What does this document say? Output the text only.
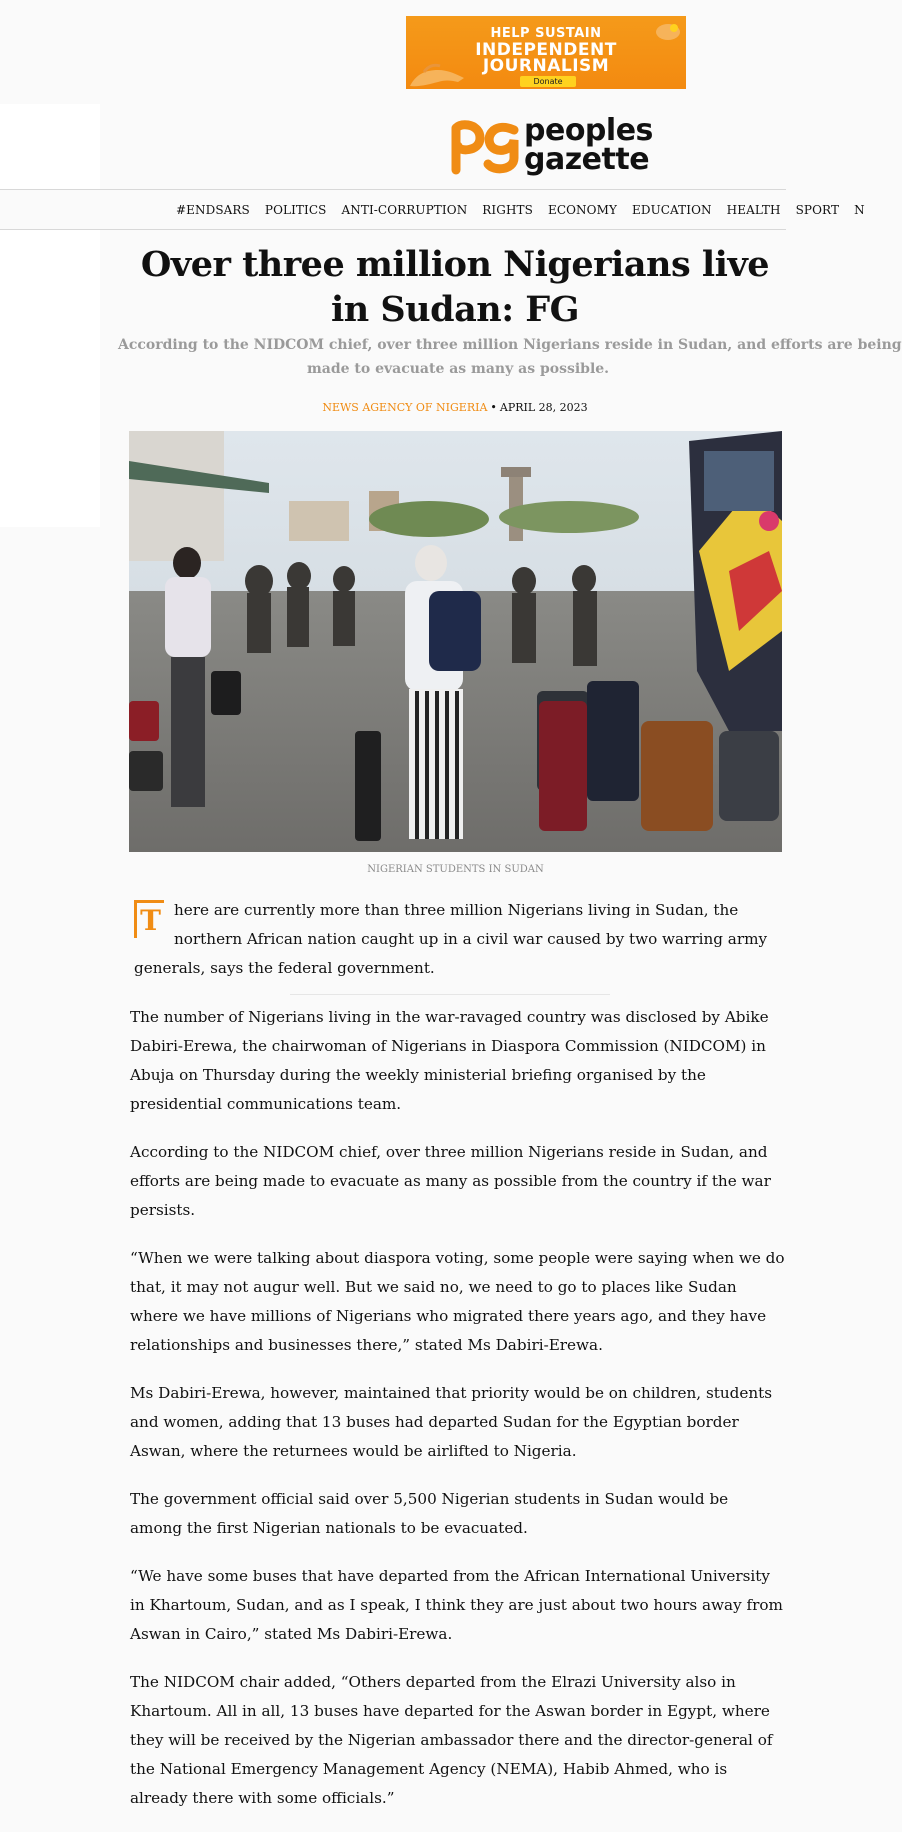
HELP SUSTAIN
INDEPENDENT
JOURNALISM
Donate
peoples
gazette
#ENDSARS POLITICS ANTI-CORRUPTION RIGHTS ECONOMY EDUCATION HEALTH SPORT N
Over three million Nigerians live in Sudan: FG
According to the NIDCOM chief, over three million Nigerians reside in Sudan, and efforts are being
made to evacuate as many as possible.
NEWS AGENCY OF NIGERIA • APRIL 28, 2023
NIGERIAN STUDENTS IN SUDAN

T here are currently more than three million Nigerians living in Sudan, the northern African nation caught up in a civil war caused by two warring army generals, says the federal government.

The number of Nigerians living in the war-ravaged country was disclosed by Abike Dabiri-Erewa, the chairwoman of Nigerians in Diaspora Commission (NIDCOM) in Abuja on Thursday during the weekly ministerial briefing organised by the presidential communications team.

According to the NIDCOM chief, over three million Nigerians reside in Sudan, and efforts are being made to evacuate as many as possible from the country if the war persists.

“When we were talking about diaspora voting, some people were saying when we do that, it may not augur well. But we said no, we need to go to places like Sudan where we have millions of Nigerians who migrated there years ago, and they have relationships and businesses there,” stated Ms Dabiri-Erewa.

Ms Dabiri-Erewa, however, maintained that priority would be on children, students and women, adding that 13 buses had departed Sudan for the Egyptian border Aswan, where the returnees would be airlifted to Nigeria.

The government official said over 5,500 Nigerian students in Sudan would be among the first Nigerian nationals to be evacuated.

“We have some buses that have departed from the African International University in Khartoum, Sudan, and as I speak, I think they are just about two hours away from Aswan in Cairo,” stated Ms Dabiri-Erewa.

The NIDCOM chair added, “Others departed from the Elrazi University also in Khartoum. All in all, 13 buses have departed for the Aswan border in Egypt, where they will be received by the Nigerian ambassador there and the director-general of the National Emergency Management Agency (NEMA), Habib Ahmed, who is already there with some officials.”
